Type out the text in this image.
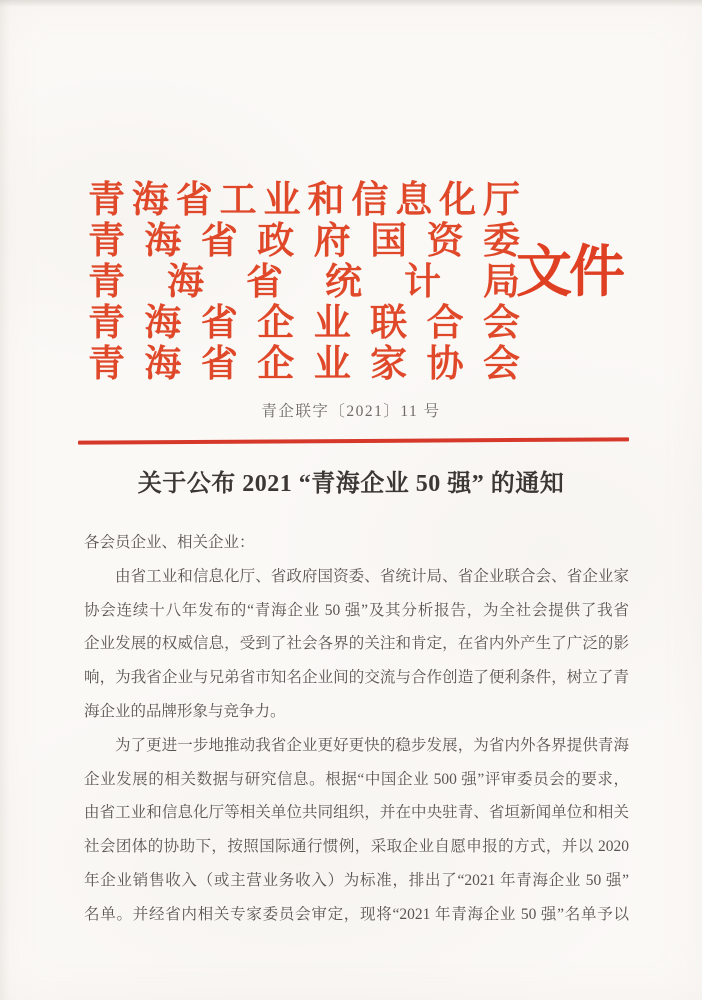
青海省工业和信息化厅
青海省政府国资委
青海省统计局
青海省企业联合会
青海省企业家协会
文件
青企联字〔2021〕11 号
关于公布 2021 “青海企业 50 强” 的通知
各会员企业、相关企业：
由省工业和信息化厅、省政府国资委、省统计局、省企业联合会、省企业家
协会连续十八年发布的“青海企业 50 强”及其分析报告，为全社会提供了我省
企业发展的权威信息，受到了社会各界的关注和肯定，在省内外产生了广泛的影
响，为我省企业与兄弟省市知名企业间的交流与合作创造了便利条件，树立了青
海企业的品牌形象与竞争力。
为了更进一步地推动我省企业更好更快的稳步发展，为省内外各界提供青海
企业发展的相关数据与研究信息。根据“中国企业 500 强”评审委员会的要求，
由省工业和信息化厅等相关单位共同组织，并在中央驻青、省垣新闻单位和相关
社会团体的协助下，按照国际通行惯例，采取企业自愿申报的方式，并以 2020
年企业销售收入（或主营业务收入）为标准，排出了“2021 年青海企业 50 强”
名单。并经省内相关专家委员会审定，现将“2021 年青海企业 50 强”名单予以
